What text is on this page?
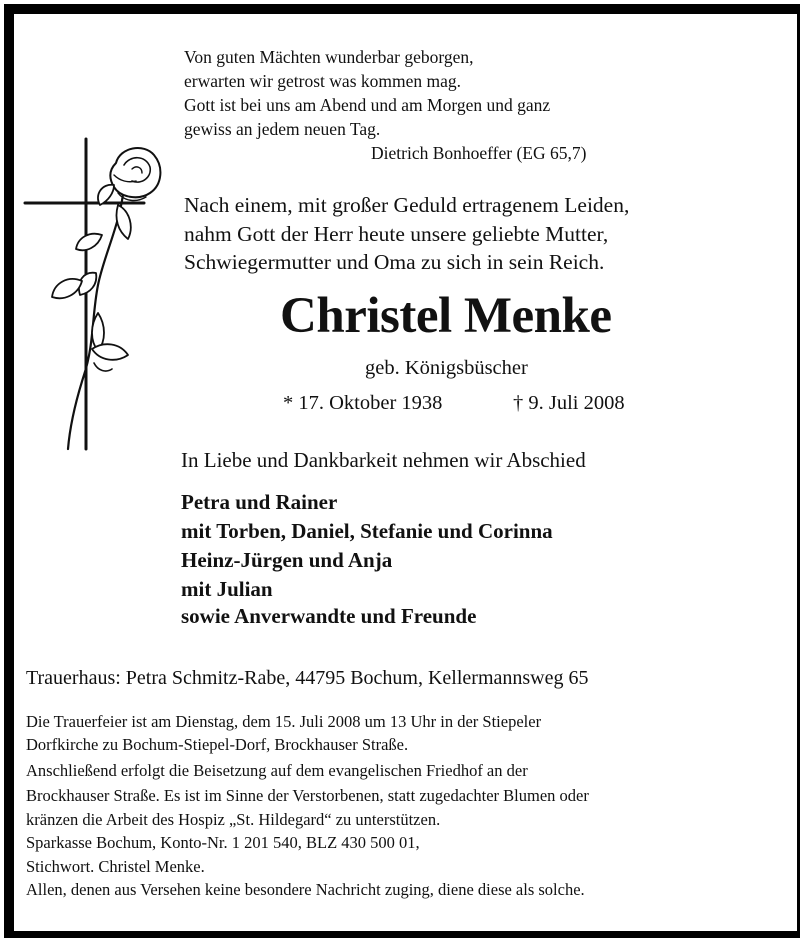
Von guten Mächten wunderbar geborgen,
erwarten wir getrost was kommen mag.
Gott ist bei uns am Abend und am Morgen und ganz
gewiss an jedem neuen Tag.
Dietrich Bonhoeffer (EG 65,7)
Nach einem, mit großer Geduld ertragenem Leiden,
nahm Gott der Herr heute unsere geliebte Mutter,
Schwiegermutter und Oma zu sich in sein Reich.
Christel Menke
geb. Königsbüscher
* 17. Oktober 1938	† 9. Juli 2008
In Liebe und Dankbarkeit nehmen wir Abschied
Petra und Rainer
mit Torben, Daniel, Stefanie und Corinna
Heinz-Jürgen und Anja
mit Julian
sowie Anverwandte und Freunde
Trauerhaus: Petra Schmitz-Rabe, 44795 Bochum, Kellermannsweg 65
Die Trauerfeier ist am Dienstag, dem 15. Juli 2008 um 13 Uhr in der Stiepeler
Dorfkirche zu Bochum-Stiepel-Dorf, Brockhauser Straße.
Anschließend erfolgt die Beisetzung auf dem evangelischen Friedhof an der
Brockhauser Straße. Es ist im Sinne der Verstorbenen, statt zugedachter Blumen oder
kränzen die Arbeit des Hospiz „St. Hildegard“ zu unterstützen.
Sparkasse Bochum, Konto-Nr. 1 201 540, BLZ 430 500 01,
Stichwort. Christel Menke.
Allen, denen aus Versehen keine besondere Nachricht zuging, diene diese als solche.
